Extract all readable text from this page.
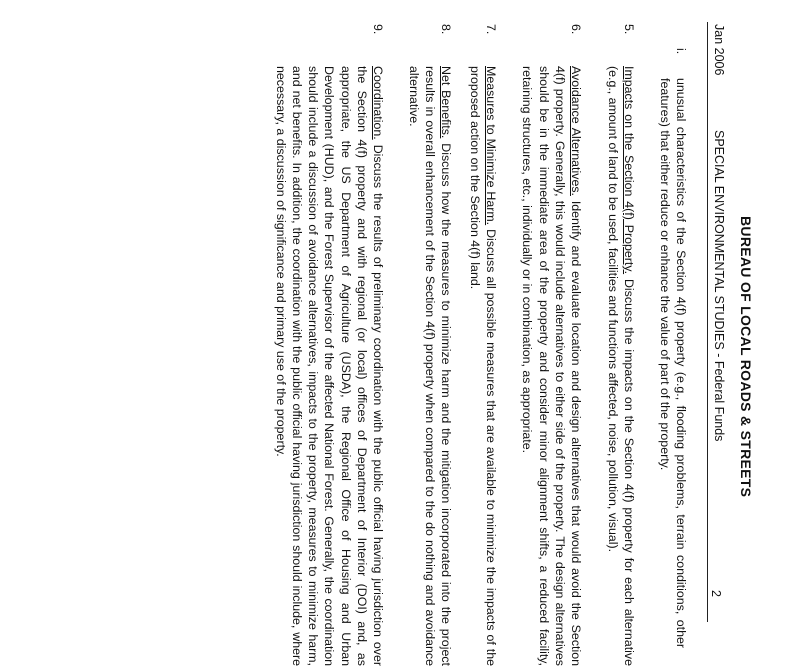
BUREAU OF LOCAL ROADS & STREETS
Jan 2006
SPECIAL ENVIRONMENTAL STUDIES - Federal Funds
2
i.
unusual characteristics of the Section 4(f) property (e.g., flooding problems, terrain conditions, other features) that either reduce or enhance the value of part of the property.
5.
Impacts on the Section 4(f) Property. Discuss the impacts on the Section 4(f) property for each alternative (e.g., amount of land to be used, facilities and functions affected, noise, pollution, visual).
6.
Avoidance Alternatives. Identify and evaluate location and design alternatives that would avoid the Section 4(f) property. Generally, this would include alternatives to either side of the property. The design alternatives should be in the immediate area of the property and consider minor alignment shifts, a reduced facility, retaining structures, etc., individually or in combination, as appropriate.
7.
Measures to Minimize Harm. Discuss all possible measures that are available to minimize the impacts of the proposed action on the Section 4(f) land.
8.
Net Benefits. Discuss how the measures to minimize harm and the mitigation incorporated into the project results in overall enhancement of the Section 4(f) property when compared to the do nothing and avoidance alternative.
9.
Coordination. Discuss the results of preliminary coordination with the public official having jurisdiction over the Section 4(f) property and with regional (or local) offices of Department of Interior (DOI) and, as appropriate, the US Department of Agriculture (USDA), the Regional Office of Housing and Urban Development (HUD), and the Forest Supervisor of the affected National Forest. Generally, the coordination should include a discussion of avoidance alternatives, impacts to the property, measures to minimize harm, and net benefits. In addition, the coordination with the public official having jurisdiction should include, where necessary, a discussion of significance and primary use of the property.
